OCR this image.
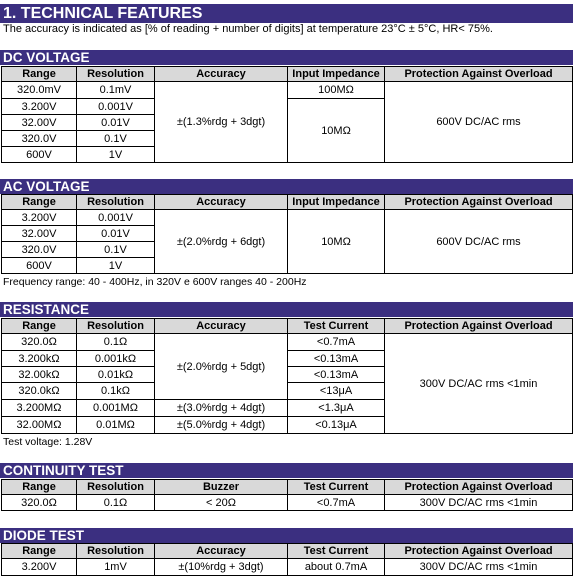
1. TECHNICAL FEATURES
The accuracy is indicated as [% of reading + number of digits] at temperature 23°C ± 5°C, HR< 75%.
DC VOLTAGE
Range	Resolution	Accuracy	Input Impedance	Protection Against Overload
320.0mV	0.1mV	±(1.3%rdg + 3dgt)	100MΩ	600V DC/AC rms
3.200V	0.001V		10MΩ	
32.00V	0.01V			
320.0V	0.1V			
600V	1V			
AC VOLTAGE
Range	Resolution	Accuracy	Input Impedance	Protection Against Overload
3.200V	0.001V	±(2.0%rdg + 6dgt)	10MΩ	600V DC/AC rms
32.00V	0.01V			
320.0V	0.1V			
600V	1V			
Frequency range: 40 - 400Hz, in 320V e 600V ranges 40 - 200Hz
RESISTANCE
Range	Resolution	Accuracy	Test Current	Protection Against Overload
320.0Ω	0.1Ω	±(2.0%rdg + 5dgt)	<0.7mA	300V DC/AC rms <1min
3.200kΩ	0.001kΩ		<0.13mA	
32.00kΩ	0.01kΩ		<0.13mA	
320.0kΩ	0.1kΩ		<13μA	
3.200MΩ	0.001MΩ	±(3.0%rdg + 4dgt)	<1.3μA	
32.00MΩ	0.01MΩ	±(5.0%rdg + 4dgt)	<0.13μA	
Test voltage: 1.28V
CONTINUITY TEST
Range	Resolution	Buzzer	Test Current	Protection Against Overload
320.0Ω	0.1Ω	< 20Ω	<0.7mA	300V DC/AC rms <1min
DIODE TEST
Range	Resolution	Accuracy	Test Current	Protection Against Overload
3.200V	1mV	±(10%rdg + 3dgt)	about 0.7mA	300V DC/AC rms <1min
